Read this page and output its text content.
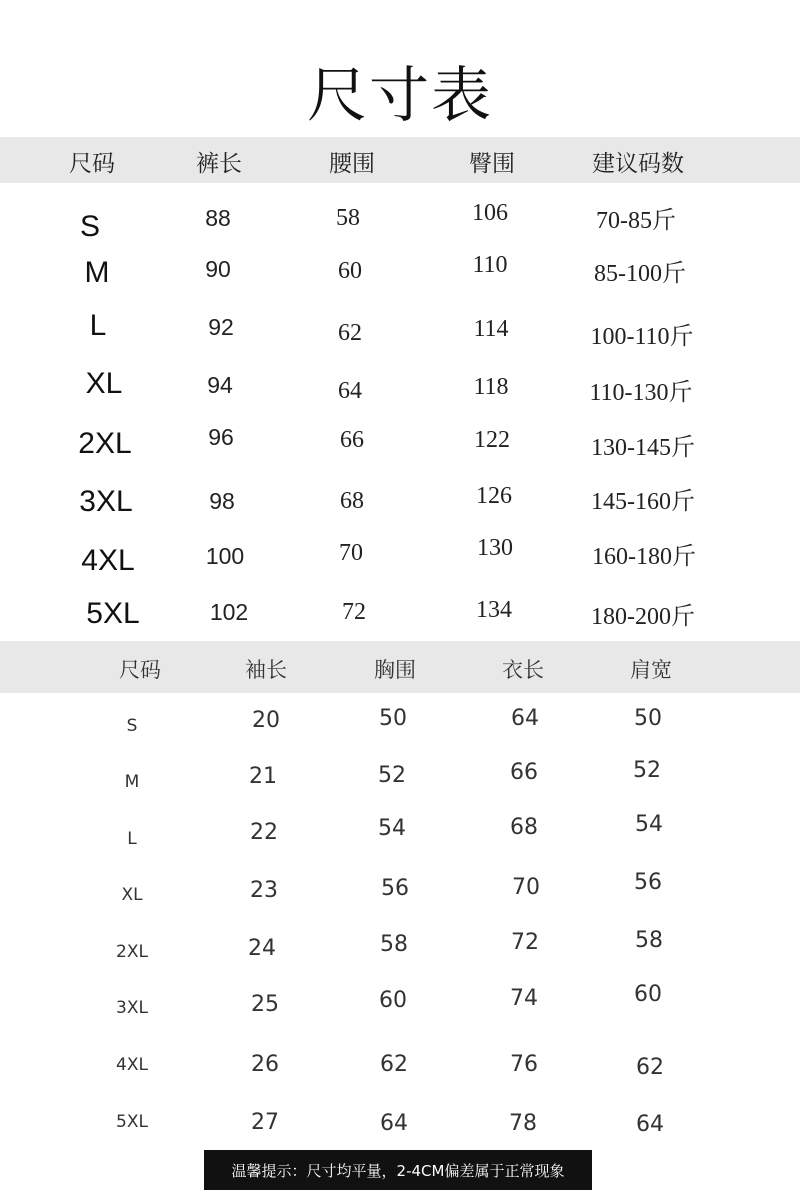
尺寸表
尺码	裤长	腰围	臀围	建议码数
S	88	58	106	70-85斤
M	90	60	110	85-100斤
L	92	62	114	100-110斤
XL	94	64	118	110-130斤
2XL	96	66	122	130-145斤
3XL	98	68	126	145-160斤
4XL	100	70	130	160-180斤
5XL	102	72	134	180-200斤
尺码	袖长	胸围	衣长	肩宽
S	20	50	64	50
M	21	52	66	52
L	22	54	68	54
XL	23	56	70	56
2XL	24	58	72	58
3XL	25	60	74	60
4XL	26	62	76	62
5XL	27	64	78	64
温馨提示：尺寸均平量，2-4CM偏差属于正常现象
